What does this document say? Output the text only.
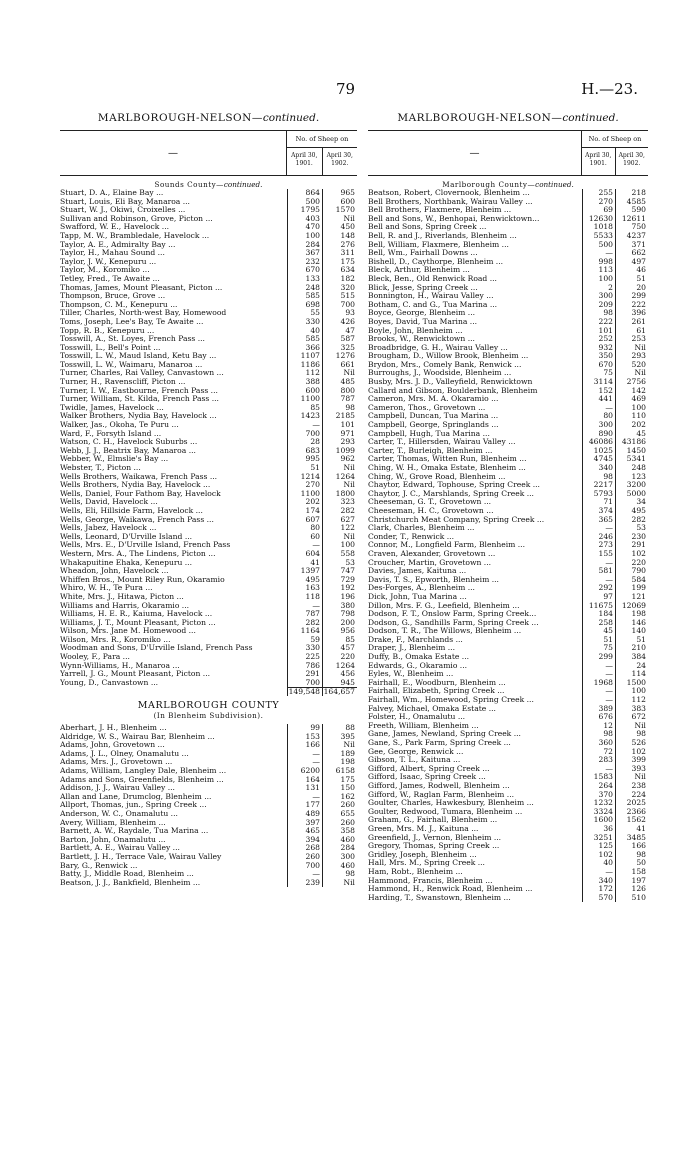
79	H.—23.
MARLBOROUGH-NELSON—continued.
—
No. of Sheep on
April 30, 1901.
April 30, 1902.
Sounds County—continued.
Stuart, D. A., Elaine Bay ...	864	965
Stuart, Louis, Eli Bay, Manaroa ...	500	600
Stuart, W. J., Okiwi, Croixelles ...	1795	1570
Sullivan and Robinson, Grove, Picton ...	403	Nil
Swafford, W. E., Havelock ...	470	450
Tapp, M. W., Brambledale, Havelock ...	100	148
Taylor, A. E., Admiralty Bay ...	284	276
Taylor, H., Mahau Sound ...	367	311
Taylor, J. W., Kenepuru ...	232	175
Taylor, M., Koromiko ...	670	634
Tetley, Fred., Te Awaite ...	133	182
Thomas, James, Mount Pleasant, Picton ...	248	320
Thompson, Bruce, Grove ...	585	515
Thompson, C. M., Kenepuru ...	698	700
Tiller, Charles, North-west Bay, Homewood	55	93
Toms, Joseph, Lee's Bay, Te Awaite ...	330	426
Topp, R. B., Kenepuru ...	40	47
Tosswill, A., St. Loyes, French Pass ...	585	587
Tosswill, L., Bell's Point ...	366	325
Tosswill, L. W., Maud Island, Ketu Bay ...	1107	1276
Tosswill, L. W., Waimaru, Manaroa ...	1186	661
Turner, Charles, Rai Valley, Canvastown ...	112	Nil
Turner, H., Ravenscliff, Picton ...	388	485
Turner, I. W., Eastbourne, French Pass ...	600	800
Turner, William, St. Kilda, French Pass ...	1100	787
Twidle, James, Havelock ...	85	98
Walker Brothers, Nydia Bay, Havelock ...	1423	2185
Walker, Jas., Okoha, Te Puru ...	—	101
Ward, F., Forsyth Island ...	700	971
Watson, C. H., Havelock Suburbs ...	28	293
Webb, J. J., Beatrix Bay, Manaroa ...	683	1099
Webber, W., Elmslie's Bay ...	995	962
Webster, T., Picton ...	51	Nil
Wells Brothers, Waikawa, French Pass ...	1214	1264
Wells Brothers, Nydia Bay, Havelock ...	270	Nil
Wells, Daniel, Four Fathom Bay, Havelock	1100	1800
Wells, David, Havelock ...	202	323
Wells, Eli, Hillside Farm, Havelock ...	174	282
Wells, George, Waikawa, French Pass ...	607	627
Wells, Jabez, Havelock ...	80	122
Wells, Leonard, D'Urville Island ...	60	Nil
Wells, Mrs. E., D'Urville Island, French Pass	—	100
Western, Mrs. A., The Lindens, Picton ...	604	558
Whakapuitine Ehaka, Kenepuru ...	41	53
Wheadon, John, Havelock ...	1397	747
Whiffen Bros., Mount Riley Run, Okaramio	495	729
Whiro, W. H., Te Pura ...	163	192
White, Mrs. J., Hitawa, Picton ...	118	196
Williams and Harris, Okaramio ...	—	380
Williams, H. E. R., Kaiuma, Havelock ...	787	798
Williams, J. T., Mount Pleasant, Picton ...	282	200
Wilson, Mrs. Jane M. Homewood ...	1164	956
Wilson, Mrs. R., Koromiko ...	59	85
Woodman and Sons, D'Urville Island, French Pass	330	457
Wooley, F., Para ...	225	220
Wynn-Williams, H., Manaroa ...	786	1264
Yarrell, J. G., Mount Pleasant, Picton ...	291	456
Young, D., Canvastown ...	700	945
149,548 164,657
MARLBOROUGH COUNTY
(In Blenheim Subdivision).
Aberhart, J. H., Blenheim ...	99	88
Aldridge, W. S., Wairau Bar, Blenheim ...	153	395
Adams, John, Grovetown ...	166	Nil
Adams, J. L., Olney, Onamalutu ...	—	189
Adams, Mrs. J., Grovetown ...	—	198
Adams, William, Langley Dale, Blenheim ...	6200	6158
Adams and Sons, Greenfields, Blenheim ...	164	175
Addison, J. J., Wairau Valley ...	131	150
Allan and Lane, Drumclog, Blenheim ...	—	162
Allport, Thomas, jun., Spring Creek ...	177	260
Anderson, W. C., Onamalutu ...	489	655
Avery, William, Blenheim ...	397	260
Barnett, A. W., Raydale, Tua Marina ...	465	358
Barton, John, Onamalutu ...	394	460
Bartlett, A. E., Wairau Valley ...	268	284
Bartlett, J. H., Terrace Vale, Wairau Valley	260	300
Bary, G., Renwick ...	700	460
Batty, J., Middle Road, Blenheim ...	—	98
Beatson, J. J., Bankfield, Blenheim ...	239	Nil
MARLBOROUGH-NELSON—continued.
—
No. of Sheep on
April 30, 1901.
April 30, 1902.
Marlborough County—continued.
Beatson, Robert, Clovernook, Blenheim ...	255	218
Bell Brothers, Northbank, Wairau Valley ...	270	4585
Bell Brothers, Flaxmere, Blenheim ...	69	590
Bell and Sons, W., Benhopai, Renwicktown...	12630	12611
Bell and Sons, Spring Creek ...	1018	750
Bell, R. and J., Riverlands, Blenheim ...	5533	4237
Bell, William, Flaxmere, Blenheim ...	500	371
Bell, Wm., Fairhall Downs ...	—	662
Bishell, D., Caythorpe, Blenheim ...	998	497
Bleck, Arthur, Blenheim ...	113	46
Bleck, Ben., Old Renwick Road ...	100	51
Blick, Jesse, Spring Creek ...	2	20
Bonnington, H., Wairau Valley ...	300	299
Botham, C. and G., Tua Marina ...	209	222
Boyce, George, Blenheim ...	98	396
Boyes, David, Tua Marina ...	222	261
Boyle, John, Blenheim ...	101	61
Brooks, W., Renwicktown ...	252	253
Broadbridge, G. H., Wairau Valley ...	932	Nil
Brougham, D., Willow Brook, Blenheim ...	350	293
Brydon, Mrs., Comely Bank, Renwick ...	670	520
Burroughs, J., Woodside, Blenheim ...	75	Nil
Busby, Mrs. J. D., Valleyfield, Renwicktown	3114	2756
Callard and Gibson, Boulderbank, Blenheim	152	142
Cameron, Mrs. M. A. Okaramio ...	441	469
Cameron, Thos., Grovetown ...	—	100
Campbell, Duncan, Tua Marina ...	80	110
Campbell, George, Springlands ...	300	202
Campbell, Hugh, Tua Marina ...	890	45
Carter, T., Hillersden, Wairau Valley ...	46086	43186
Carter, T., Burleigh, Blenheim ...	1025	1450
Carter, Thomas, Witten Run, Blenheim ...	4745	5341
Ching, W. H., Omaka Estate, Blenheim ...	340	248
Ching, W., Grove Road, Blenheim ...	98	123
Chaytor, Edward, Tophouse, Spring Creek ...	2217	3200
Chaytor, J. C., Marshlands, Spring Creek ...	5793	5000
Cheeseman, G. T., Grovetown ...	71	34
Cheeseman, H. C., Grovetown ...	374	495
Christchurch Meat Company, Spring Creek ...	365	282
Clark, Charles, Blenheim ...	—	53
Conder, T., Renwick ...	246	230
Connor, M., Longfield Farm, Blenheim ...	273	291
Craven, Alexander, Grovetown ...	155	102
Croucher, Martin, Grovetown ...	—	220
Davies, James, Kaituna ...	581	790
Davis, T. S., Epworth, Blenheim ...	—	584
Des-Forges, A., Blenheim ...	292	199
Dick, John, Tua Marina ...	97	121
Dillon, Mrs. F. G., Leefield, Blenheim ...	11675	12069
Dodson, F. T., Onslow Farm, Spring Creek...	184	198
Dodson, G., Sandhills Farm, Spring Creek ...	258	146
Dodson, T. R., The Willows, Blenheim ...	45	140
Drake, F., Marchlands ...	51	51
Draper, J., Blenheim ...	75	210
Duffy, B., Omaka Estate ...	299	384
Edwards, G., Okaramio ...	—	24
Eyles, W., Blenheim ...	—	114
Fairhall, E., Woodburn, Blenheim ...	1968	1500
Fairhall, Elizabeth, Spring Creek ...	—	100
Fairhall, Wm., Homewood, Spring Creek ...	—	112
Falvey, Michael, Omaka Estate ...	389	383
Folster, H., Onamalutu ...	676	672
Freeth, William, Blenheim ...	12	Nil
Gane, James, Newland, Spring Creek ...	98	98
Gane, S., Park Farm, Spring Creek ...	360	526
Gee, George, Renwick ...	72	102
Gibson, T. L., Kaituna ...	283	399
Gifford, Albert, Spring Creek ...	—	393
Gifford, Isaac, Spring Creek ...	1583	Nil
Gifford, James, Rodwell, Blenheim ...	264	238
Gifford, W., Raglan Farm, Blenheim ...	370	224
Goulter, Charles, Hawkesbury, Blenheim ...	1232	2025
Goulter, Redwood, Tumara, Blenheim ...	3324	2366
Graham, G., Fairhall, Blenheim ...	1600	1562
Green, Mrs. M. J., Kaituna ...	36	41
Greenfield, J., Vernon, Blenheim ...	3251	3485
Gregory, Thomas, Spring Creek ...	125	166
Gridley, Joseph, Blenheim ...	102	98
Hall, Mrs. M., Spring Creek ...	40	50
Ham, Robt., Blenheim ...	—	158
Hammond, Francis, Blenheim ...	340	197
Hammond, H., Renwick Road, Blenheim ...	172	126
Harding, T., Swanstown, Blenheim ...	570	510
